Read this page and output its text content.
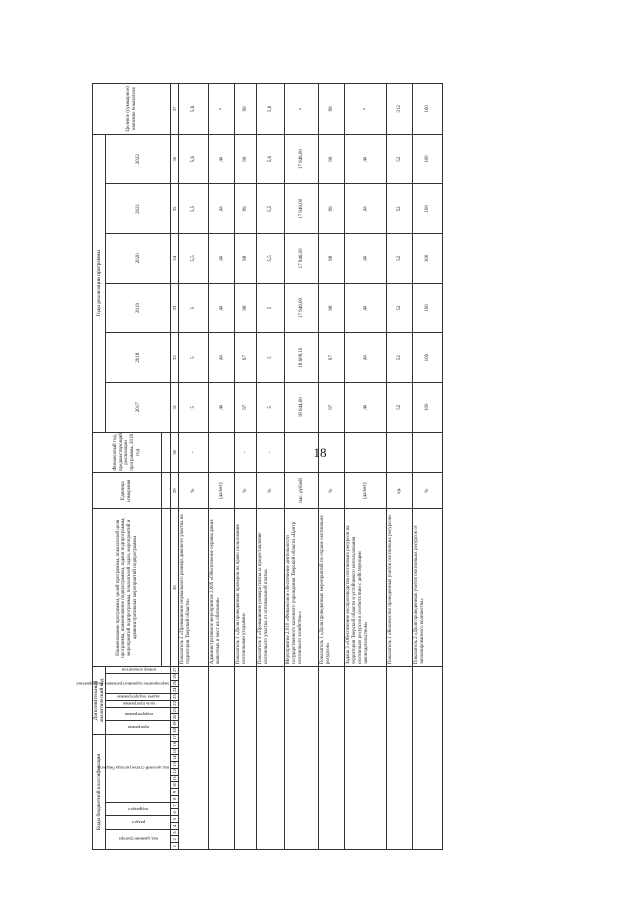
18
Коды бюджетной классификации																	Дополнительный аналитический код										Наименование программы, целей программы, показателей цели программы, наименование подпрограммы, задачи подпрограммы, мероприятий подпрограммы, показателей задач, мероприятий и административных мероприятий подпрограммы	Единица измерения	Финансовый год, предшествующий реализации программы, 2016 год	Годы реализации программы						Целевое (суммарное) значение показателя
код администратора			раздел		подраздел		код целевой статьи расхода бюджета										программа		подпрограмма		цель программы	задача подпрограммы	мероприятие (административное мероприятие)			номер показателя				2017	2018	2019	2020	2021	2022	

1	2	3	4	5	6	7	8	9	10	11	12	13	14	15	16	17	18	19	20	21	22	23	24	25	26	27	28	29	30	31	32	33	34	35	36	37
																											Показатель 2 «Превышение нормального размера дикового участка на территории Тверской области»	%	-	5	5	5	5,5	5,5	5,6	5,6
																											Административное мероприятие 2.009 «Обеспечение охраны диких животных и мест их обитания»	(да/нет)		да	да	да	да	да	да	×
																											Показатель 1 «Доля проведенных проверок на право пользования охотничьими угодьями»	%	-	97	97	98	98	99	99	99
																											Показатель 2 «Превышение размера платы за предоставление охотничьего участка от оптимальной платы»	%	-	5	5	5	5,5	5,5	5,6	5,6
																											Мероприятие 2.010 «Финансовое обеспечение деятельности государственного казенного учреждения Тверской области «Центр охотничьего хозяйства»»	тыс. рублей		18 644,00	18 608,10	17 946,00	17 946,00	17 946,00	17 946,00	×
																											Показатель 1 «Доля проведенных мероприятий по охране охотничьих ресурсов»	%		97	97	98	98	99	99	99
																											Задача 3 «Обеспечение воспроизводства охотничьих ресурсов на территории Тверской области и устойчивого использования охотничьих ресурсов в соответствии с действующим законодательством»	(да/нет)		да	да	да	да	да	да	×
																											Показатель 1 «Количество проведенных учетов охотничьих ресурсов»	ед.		52	52	52	52	52	52	312
																											Показатель 2 «Доля проведенных учетов охотничьих ресурсов от запланированного количества»	%		100	100	100	100	100	100	100
